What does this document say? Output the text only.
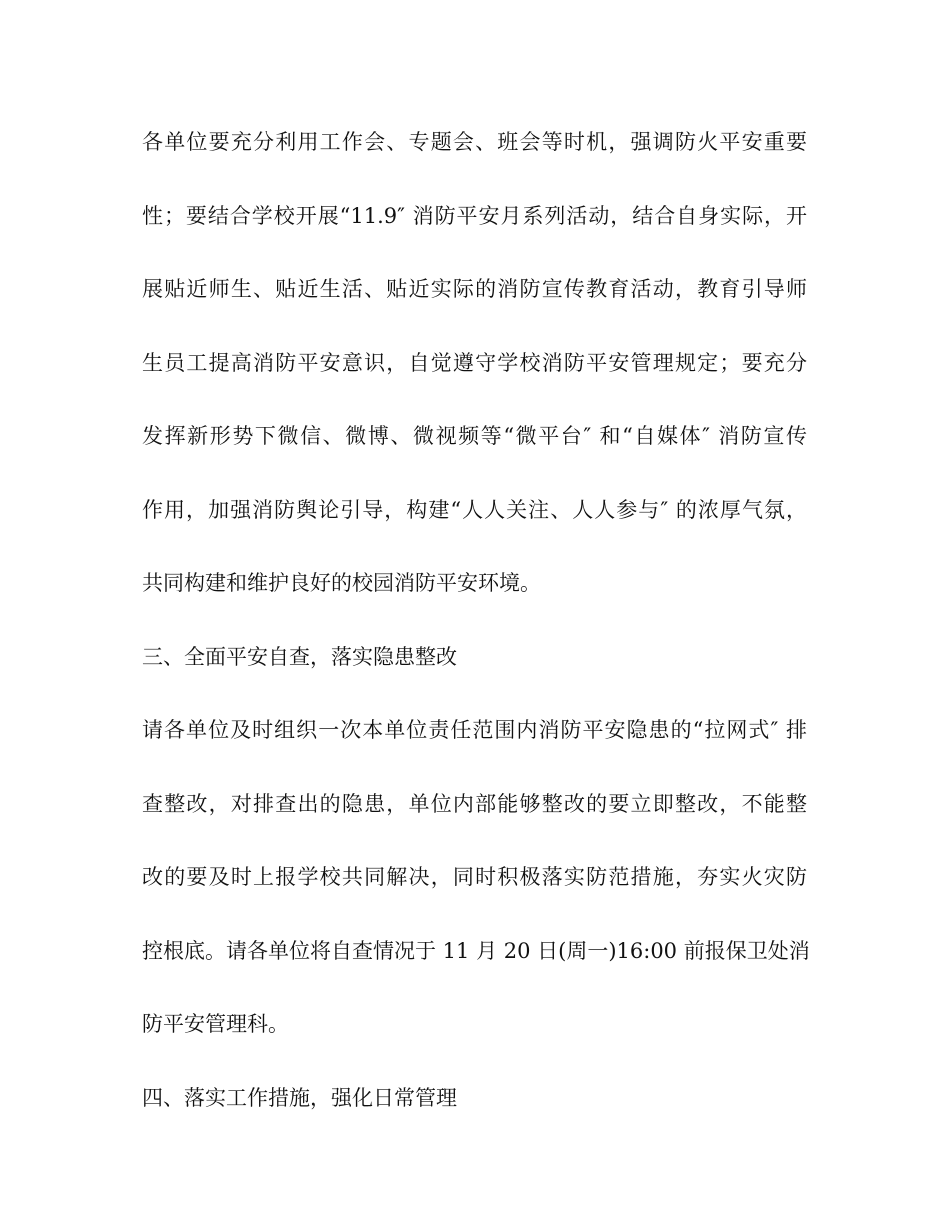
各单位要充分利用工作会、专题会、班会等时机，强调防火平安重要
性；要结合学校开展“11.9″ 消防平安月系列活动，结合自身实际，开
展贴近师生、贴近生活、贴近实际的消防宣传教育活动，教育引导师
生员工提高消防平安意识，自觉遵守学校消防平安管理规定；要充分
发挥新形势下微信、微博、微视频等“微平台″ 和“自媒体″ 消防宣传
作用，加强消防舆论引导，构建“人人关注、人人参与″ 的浓厚气氛，
共同构建和维护良好的校园消防平安环境。
三、全面平安自查，落实隐患整改
请各单位及时组织一次本单位责任范围内消防平安隐患的“拉网式″ 排
查整改，对排查出的隐患，单位内部能够整改的要立即整改，不能整
改的要及时上报学校共同解决，同时积极落实防范措施，夯实火灾防
控根底。请各单位将自查情况于 11 月 20 日(周一)16:00 前报保卫处消
防平安管理科。
四、落实工作措施，强化日常管理
